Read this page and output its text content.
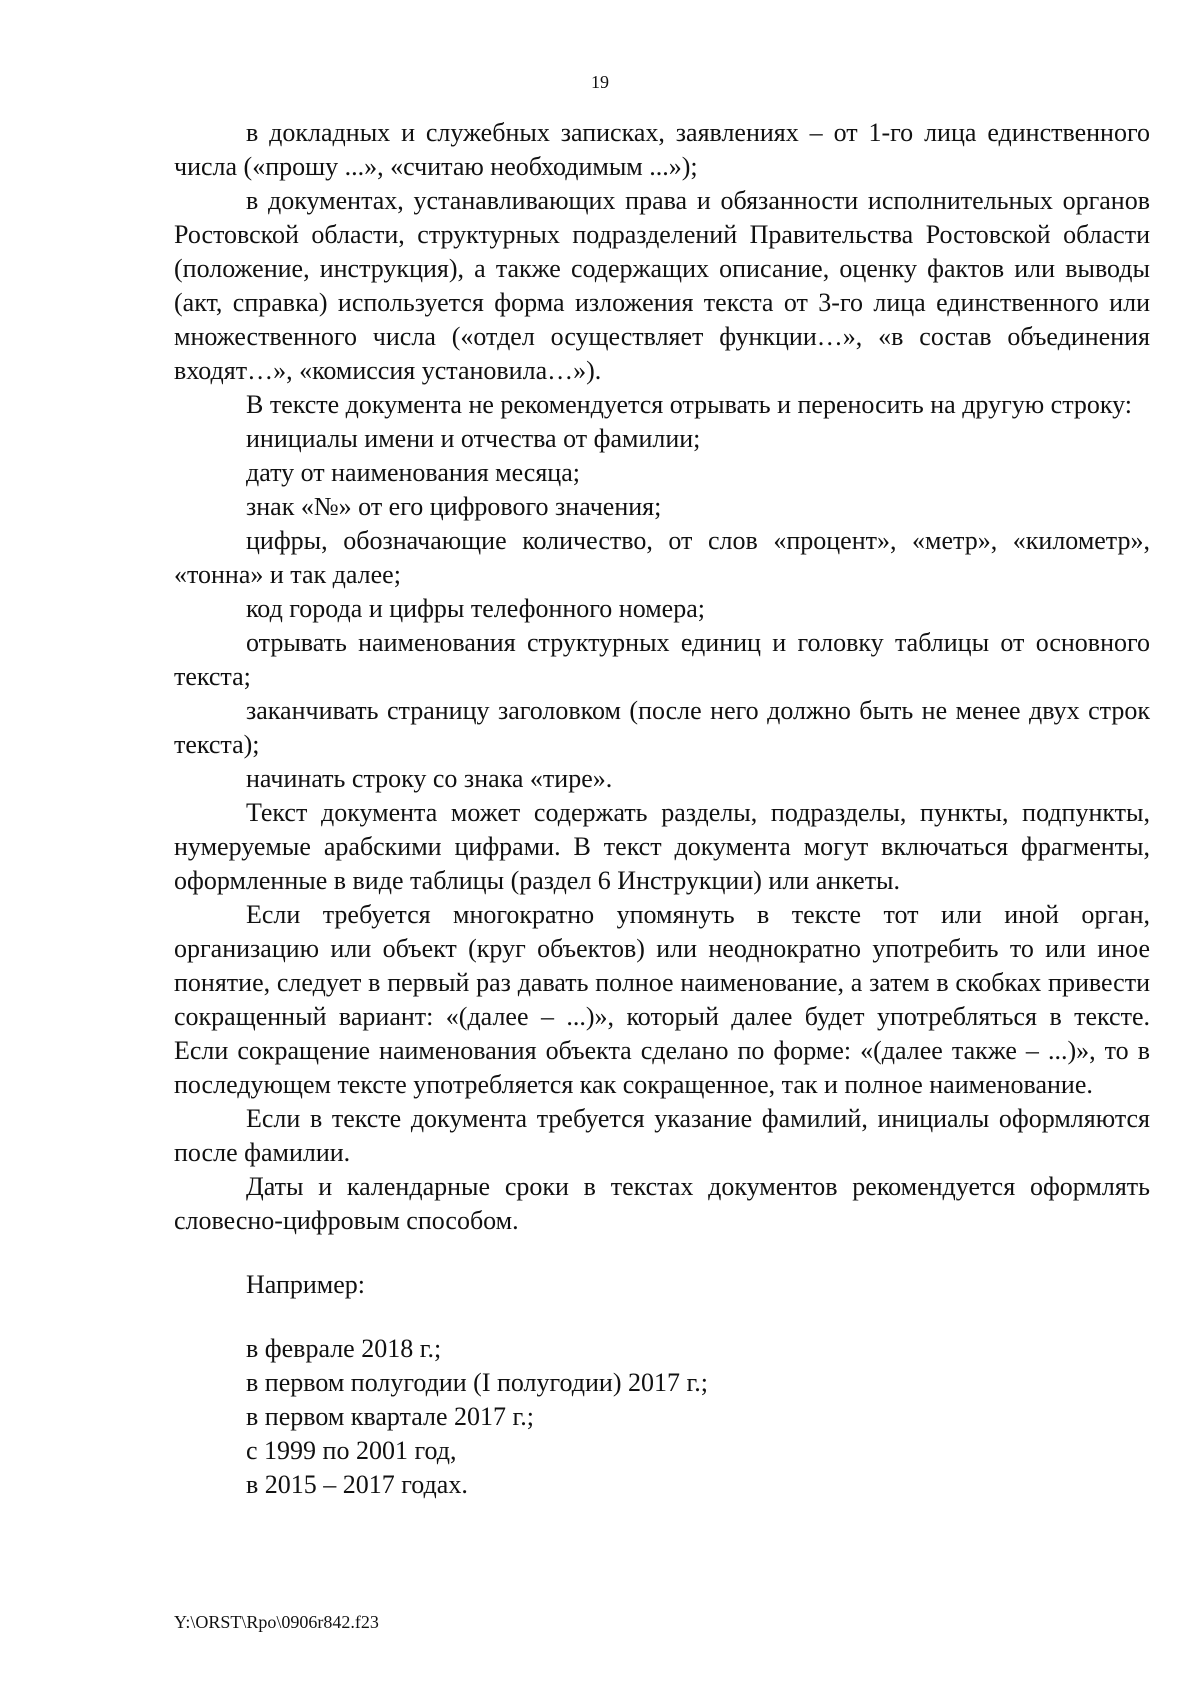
19

в докладных и служебных записках, заявлениях – от 1-го лица единственного числа («прошу ...», «считаю необходимым ...»);

в документах, устанавливающих права и обязанности исполнительных органов Ростовской области, структурных подразделений Правительства Ростовской области (положение, инструкция), а также содержащих описание, оценку фактов или выводы (акт, справка) используется форма изложения текста от 3-го лица единственного или множественного числа («отдел осуществляет функции…», «в состав объединения входят…», «комиссия установила…»).

В тексте документа не рекомендуется отрывать и переносить на другую строку:

инициалы имени и отчества от фамилии;

дату от наименования месяца;

знак «№» от его цифрового значения;

цифры, обозначающие количество, от слов «процент», «метр», «километр», «тонна» и так далее;

код города и цифры телефонного номера;

отрывать наименования структурных единиц и головку таблицы от основного текста;

заканчивать страницу заголовком (после него должно быть не менее двух строк текста);

начинать строку со знака «тире».

Текст документа может содержать разделы, подразделы, пункты, подпункты, нумеруемые арабскими цифрами. В текст документа могут включаться фрагменты, оформленные в виде таблицы (раздел 6 Инструкции) или анкеты.

Если требуется многократно упомянуть в тексте тот или иной орган, организацию или объект (круг объектов) или неоднократно употребить то или иное понятие, следует в первый раз давать полное наименование, а затем в скобках привести сокращенный вариант: «(далее – ...)», который далее будет употребляться в тексте. Если сокращение наименования объекта сделано по форме: «(далее также – ...)», то в последующем тексте употребляется как сокращенное, так и полное наименование.

Если в тексте документа требуется указание фамилий, инициалы оформляются после фамилии.

Даты и календарные сроки в текстах документов рекомендуется оформлять словесно-цифровым способом.

Например:

в феврале 2018 г.;

в первом полугодии (I полугодии) 2017 г.;

в первом квартале 2017 г.;

с 1999 по 2001 год,

в 2015 – 2017 годах.

Y:\ORST\Rpo\0906r842.f23
